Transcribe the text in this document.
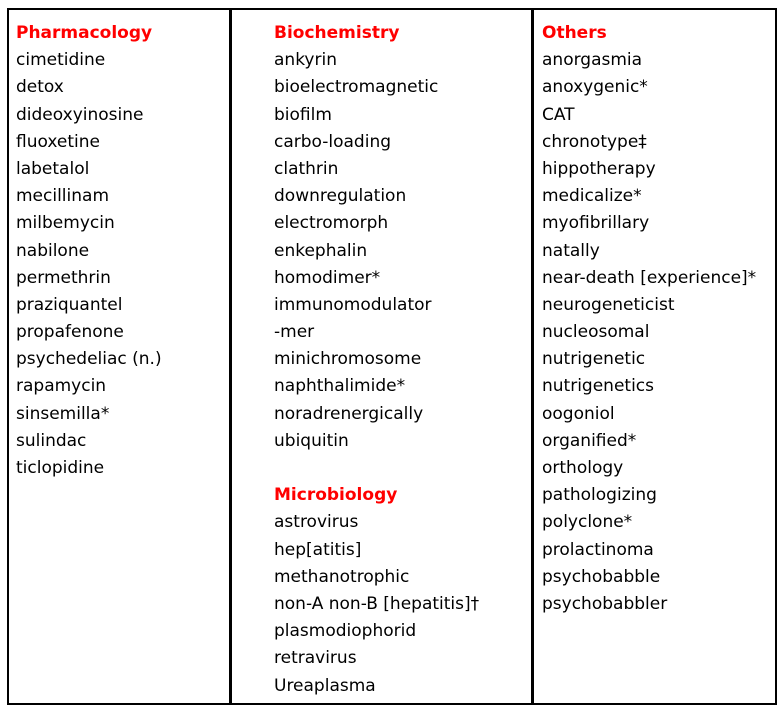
Pharmacology
cimetidine
detox
dideoxyinosine
fluoxetine
labetalol
mecillinam
milbemycin
nabilone
permethrin
praziquantel
propafenone
psychedeliac (n.)
rapamycin
sinsemilla*
sulindac
ticlopidine
Biochemistry
ankyrin
bioelectromagnetic
biofilm
carbo-loading
clathrin
downregulation
electromorph
enkephalin
homodimer*
immunomodulator
-mer
minichromosome
naphthalimide*
noradrenergically
ubiquitin
Microbiology
astrovirus
hep[atitis]
methanotrophic
non-A non-B [hepatitis]†
plasmodiophorid
retravirus
Ureaplasma
Others
anorgasmia
anoxygenic*
CAT
chronotype‡
hippotherapy
medicalize*
myofibrillary
natally
near-death [experience]*
neurogeneticist
nucleosomal
nutrigenetic
nutrigenetics
oogoniol
organified*
orthology
pathologizing
polyclone*
prolactinoma
psychobabble
psychobabbler
